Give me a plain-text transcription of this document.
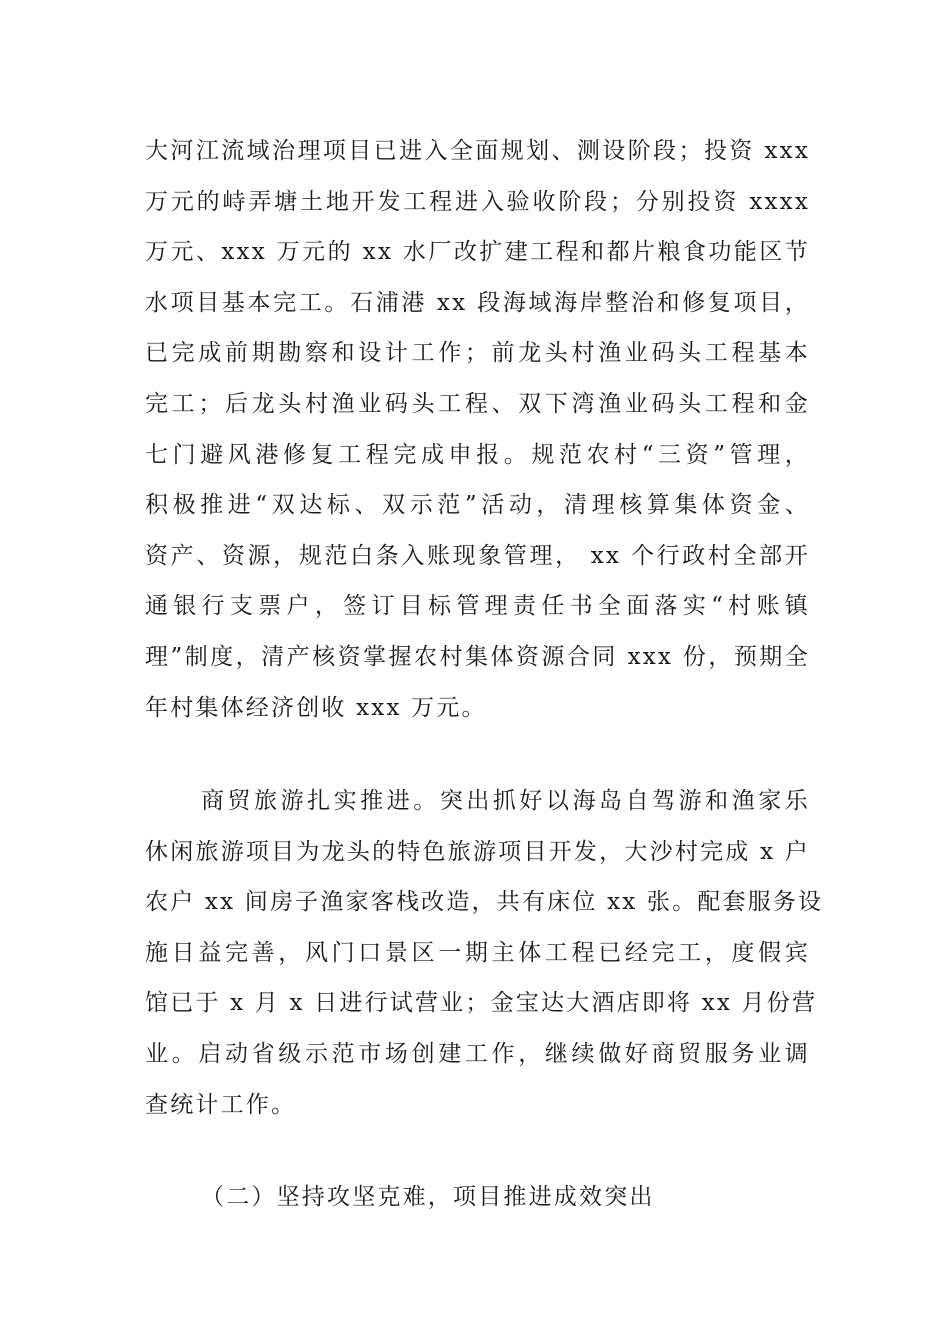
大河江流域治理项目已进入全面规划、测设阶段；投资 xxx
万元的峙弄塘土地开发工程进入验收阶段；分别投资 xxxx
万元、xxx 万元的 xx 水厂改扩建工程和都片粮食功能区节
水项目基本完工。石浦港 xx 段海域海岸整治和修复项目，
已完成前期勘察和设计工作；前龙头村渔业码头工程基本
完工；后龙头村渔业码头工程、双下湾渔业码头工程和金
七门避风港修复工程完成申报。规范农村“三资”管理，
积极推进“双达标、双示范”活动，清理核算集体资金、
资产、资源，规范白条入账现象管理， xx 个行政村全部开
通银行支票户，签订目标管理责任书全面落实“村账镇
理”制度，清产核资掌握农村集体资源合同 xxx 份，预期全
年村集体经济创收 xxx 万元。
商贸旅游扎实推进。突出抓好以海岛自驾游和渔家乐
休闲旅游项目为龙头的特色旅游项目开发，大沙村完成 x 户
农户 xx 间房子渔家客栈改造，共有床位 xx 张。配套服务设
施日益完善，风门口景区一期主体工程已经完工，度假宾
馆已于 x 月 x 日进行试营业；金宝达大酒店即将 xx 月份营
业。启动省级示范市场创建工作，继续做好商贸服务业调
查统计工作。
（二）坚持攻坚克难，项目推进成效突出
